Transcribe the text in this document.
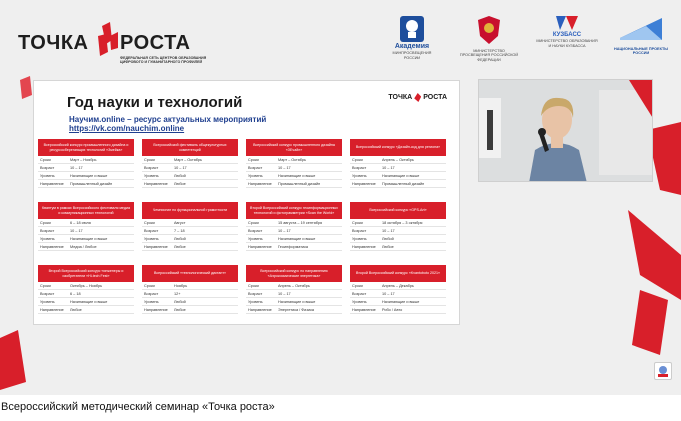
ТОЧКА РОСТА
ФЕДЕРАЛЬНАЯ СЕТЬ ЦЕНТРОВ ОБРАЗОВАНИЯ ЦИФРОВОГО И ГУМАНИТАРНОГО ПРОФИЛЕЙ
Академия
МИНПРОСВЕЩЕНИЯ РОССИИ
МИНИСТЕРСТВО ПРОСВЕЩЕНИЯ РОССИЙСКОЙ ФЕДЕРАЦИИ
КУЗБАСС
МИНИСТЕРСТВО ОБРАЗОВАНИЯ И НАУКИ КУЗБАССА
НАЦИОНАЛЬНЫЕ ПРОЕКТЫ РОССИИ
Год науки и технологий	ТОЧКА РОСТА
Научим.online – ресурс актуальных мероприятий
https://vk.com/nauchim.online
Всероссийский конкурс промышленного дизайна и ресурсосберегающих технологий «Змейка»
Сроки	Март – Ноябрь
Возраст	10 – 17
Уровень	Начинающие и выше
Направление	Промышленный дизайн
Всероссийский фестиваль общекультурных компетенций
Сроки	Март – Октябрь
Возраст	10 – 17
Уровень	Любой
Направление	Любое
Всероссийский конкурс промышленного дизайна «ЗЕчайн»
Сроки	Март – Октябрь
Возраст	10 – 17
Уровень	Начинающие и выше
Направление	Промышленный дизайн
Всероссийский конкурс «Дизайн-код для региона»
Сроки	Апрель – Октябрь
Возраст	10 – 17
Уровень	Начинающие и выше
Направление	Промышленный дизайн
Квантум в рамках Всероссийского фестиваля медиа и коммуникационных технологий
Сроки	6 – 18 июля
Возраст	10 – 17
Уровень	Начинающие и выше
Направление	Медиа / Любое
Чемпионат по функциональной грамотности
Сроки	Август
Возраст	7 – 18
Уровень	Любой
Направление	Любое
Второй Всероссийский конкурс геоинформационных технологий и фотограмметрии «Scan the World»
Сроки	15 августа – 19 сентября
Возраст	10 – 17
Уровень	Начинающие и выше
Направление	Геоинформатика
Всероссийский конкурс «GPS-Art»
Сроки	18 октября – 3 октября
Возраст	10 – 17
Уровень	Любой
Направление	Любое
Второй Всероссийский конкурс «инженеры и изобретатели «Hi-tech Fest»
Сроки	Октябрь – Ноябрь
Возраст	6 – 18
Уровень	Начинающие и выше
Направление	Любое
Всероссийский «технологический диктант»
Сроки	Ноябрь
Возраст	12+
Уровень	Любой
Направление	Любое
Всероссийский конкурс по направлению «Аэрокосмические энергетика»
Сроки	Апрель – Октябрь
Возраст	10 – 17
Уровень	Начинающие и выше
Направление	Энергетика / Физика
Второй Всероссийский конкурс «Kvantoboto 2021»
Сроки	Апрель – Декабрь
Возраст	10 – 17
Уровень	Начинающие и выше
Направление	Робо / Авто
Всероссийский методический семинар «Точка роста»
